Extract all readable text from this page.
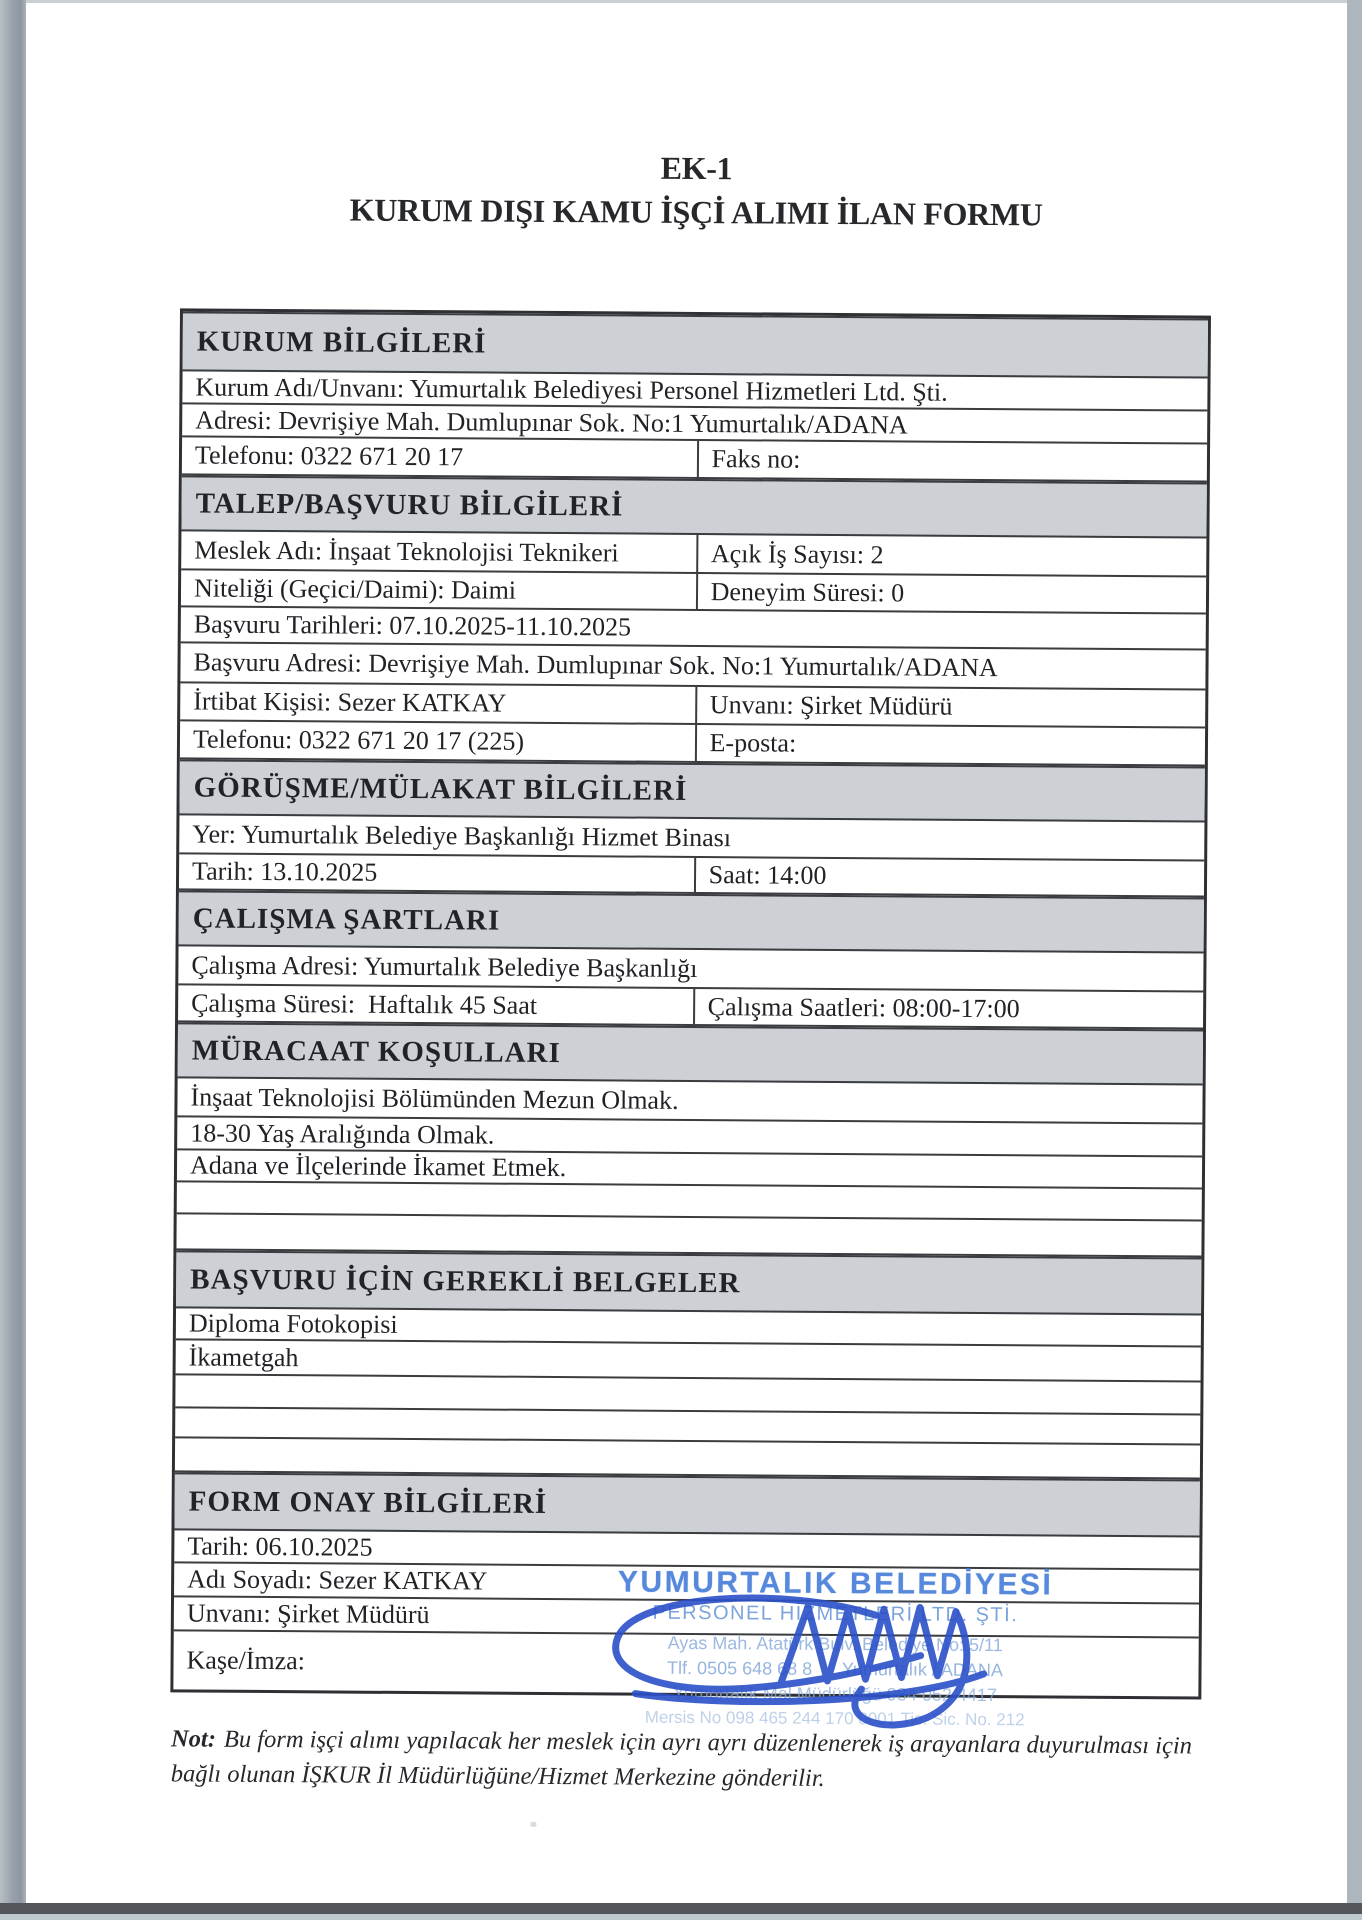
EK-1
KURUM DIŞI KAMU İŞÇİ ALIMI İLAN FORMU
KURUM BİLGİLERİ
Kurum Adı/Unvanı: Yumurtalık Belediyesi Personel Hizmetleri Ltd. Şti.
Adresi: Devrişiye Mah. Dumlupınar Sok. No:1 Yumurtalık/ADANA
Telefonu: 0322 671 20 17	Faks no:
TALEP/BAŞVURU BİLGİLERİ
Meslek Adı: İnşaat Teknolojisi Teknikeri	Açık İş Sayısı: 2
Niteliği (Geçici/Daimi): Daimi	Deneyim Süresi: 0
Başvuru Tarihleri: 07.10.2025-11.10.2025
Başvuru Adresi: Devrişiye Mah. Dumlupınar Sok. No:1 Yumurtalık/ADANA
İrtibat Kişisi: Sezer KATKAY	Unvanı: Şirket Müdürü
Telefonu: 0322 671 20 17 (225)	E-posta:
GÖRÜŞME/MÜLAKAT BİLGİLERİ
Yer: Yumurtalık Belediye Başkanlığı Hizmet Binası
Tarih: 13.10.2025	Saat: 14:00
ÇALIŞMA ŞARTLARI
Çalışma Adresi: Yumurtalık Belediye Başkanlığı
Çalışma Süresi:  Haftalık 45 Saat	Çalışma Saatleri: 08:00-17:00
MÜRACAAT KOŞULLARI
İnşaat Teknolojisi Bölümünden Mezun Olmak.
18-30 Yaş Aralığında Olmak.
Adana ve İlçelerinde İkamet Etmek.
BAŞVURU İÇİN GEREKLİ BELGELER
Diploma Fotokopisi
İkametgah
FORM ONAY BİLGİLERİ
Tarih: 06.10.2025
Adı Soyadı: Sezer KATKAY
Unvanı: Şirket Müdürü
Kaşe/İmza:
YUMURTALIK BELEDİYESİ
PERSONEL HİZMETLERİ LTD. ŞTİ.
Ayas Mah. Atatürk Bulv. Belediye No: 5/11
Tlf. 0505 648 68 8      Yumurtalık / ADANA
Yumurtalık Mal Müdürlüğü 984 052 4417
Mersis No 098 465 244 170 0001 Tic. Sic. No. 212

Not: Bu form işçi alımı yapılacak her meslek için ayrı ayrı düzenlenerek iş arayanlara duyurulması için bağlı olunan İŞKUR İl Müdürlüğüne/Hizmet Merkezine gönderilir.
